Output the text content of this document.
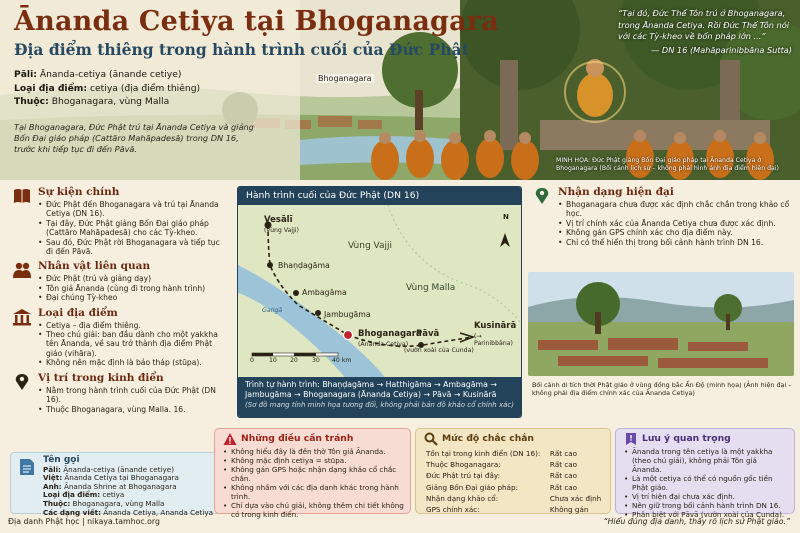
Ānanda Cetiya tại Bhoganagara
Địa điểm thiêng trong hành trình cuối của Đức Phật
Pāli: Ānanda-cetiya (ānande cetiye)
Loại địa điểm: cetiya (địa điểm thiêng)
Thuộc: Bhoganagara, vùng Malla
Tại Bhoganagara, Đức Phật trú tại Ānanda Cetiya và giảng Bốn Đại giáo pháp (Cattāro Mahāpadesā) trong DN 16, trước khi tiếp tục đi đến Pāvā.
Bhoganagara
“Tại đó, Đức Thế Tôn trú ở Bhoganagara, trong Ānanda Cetiya. Rồi Đức Thế Tôn nói với các Tỳ-kheo về bốn pháp lớn ...”
— DN 16 (Mahāparinibbāna Sutta)
MINH HỌA: Đức Phật giảng Bốn Đại giáo pháp tại Ānanda Cetiya ở Bhoganagara (Bối cảnh lịch sử – không phải hình ảnh địa điểm hiện đại)
Sự kiện chính
• Đức Phật đến Bhoganagara và trú tại Ānanda Cetiya (DN 16).
• Tại đây, Đức Phật giảng Bốn Đại giáo pháp (Cattāro Mahāpadesā) cho các Tỳ-kheo.
• Sau đó, Đức Phật rời Bhoganagara và tiếp tục đi đến Pāvā.
Nhân vật liên quan
• Đức Phật (trú và giảng dạy)
• Tôn giả Ānanda (cùng đi trong hành trình)
• Đại chúng Tỳ-kheo
Loại địa điểm
• Cetiya – địa điểm thiêng.
• Theo chú giải: ban đầu dành cho một yakkha tên Ānanda, về sau trở thành địa điểm Phật giáo (vihāra).
• Không nên mặc định là bảo tháp (stūpa).
Vị trí trong kinh điển
• Nằm trong hành trình cuối của Đức Phật (DN 16).
• Thuộc Bhoganagara, vùng Malla. 16.
Tên gọi
Pāli: Ānanda-cetiya (ānande cetiye)
Việt: Ānanda Cetiya tại Bhoganagara
Anh: Ānanda Shrine at Bhoganagara
Loại địa điểm: cetiya
Thuộc: Bhoganagara, vùng Malla
Các dạng viết: Ānanda Cetiya, Ananda Cetiya
Hành trình cuối của Đức Phật (DN 16)
Vesālī
(vùng Vajji)
Bhaṇḍagāma
Ambagāma
Jambugāma
Bhoganagara
(Ānanda Cetiya)
Pāvā
(vườn xoài của Cunda)
Kusinārā
(→ Parinibbāna)
Vùng Vajji
Vùng Malla
Gaṅgā
N
0 10 20 30 40 km
Trình tự hành trình: Bhaṇḍagāma → Hatthigāma → Ambagāma → Jambugāma → Bhoganagara (Ānanda Cetiya) → Pāvā → Kusinārā
(Sơ đồ mang tính minh họa tương đối, không phải bản đồ khảo cổ chính xác)
Nhận dạng hiện đại
• Bhoganagara chưa được xác định chắc chắn trong khảo cổ học.
• Vị trí chính xác của Ānanda Cetiya chưa được xác định.
• Không gán GPS chính xác cho địa điểm này.
• Chỉ có thể hiển thị trong bối cảnh hành trình DN 16.
Bối cảnh di tích thời Phật giáo ở vùng đồng bắc Ấn Độ (minh họa) (Ảnh hiện đại – không phải địa điểm chính xác của Ānanda Cetiya)
Những điều cần tránh
• Không hiểu đây là đền thờ Tôn giả Ānanda.
• Không mặc định cetiya = stūpa.
• Không gán GPS hoặc nhận dạng khảo cổ chắc chắn.
• Không nhầm với các địa danh khác trong hành trình.
• Chỉ dựa vào chú giải, không thêm chi tiết không có trong kinh điển.
Mức độ chắc chắn
Tồn tại trong kinh điển (DN 16):	Rất cao
Thuộc Bhoganagara:	Rất cao
Đức Phật trú tại đây:	Rất cao
Giảng Bốn Đại giáo pháp:	Rất cao
Nhận dạng khảo cổ:	Chưa xác định
GPS chính xác:	Không gán
Lưu ý quan trọng
• Ānanda trong tên cetiya là một yakkha (theo chú giải), không phải Tôn giả Ānanda.
• Là một cetiya có thể có nguồn gốc tiền Phật giáo.
• Vị trí hiện đại chưa xác định.
• Nên giữ trong bối cảnh hành trình DN 16.
• Phân biệt với Pāvā (vườn xoài của Cunda).
Địa danh Phật học | nikaya.tamhoc.org	“Hiểu đúng địa danh, thấy rõ lịch sử Phật giáo.”
